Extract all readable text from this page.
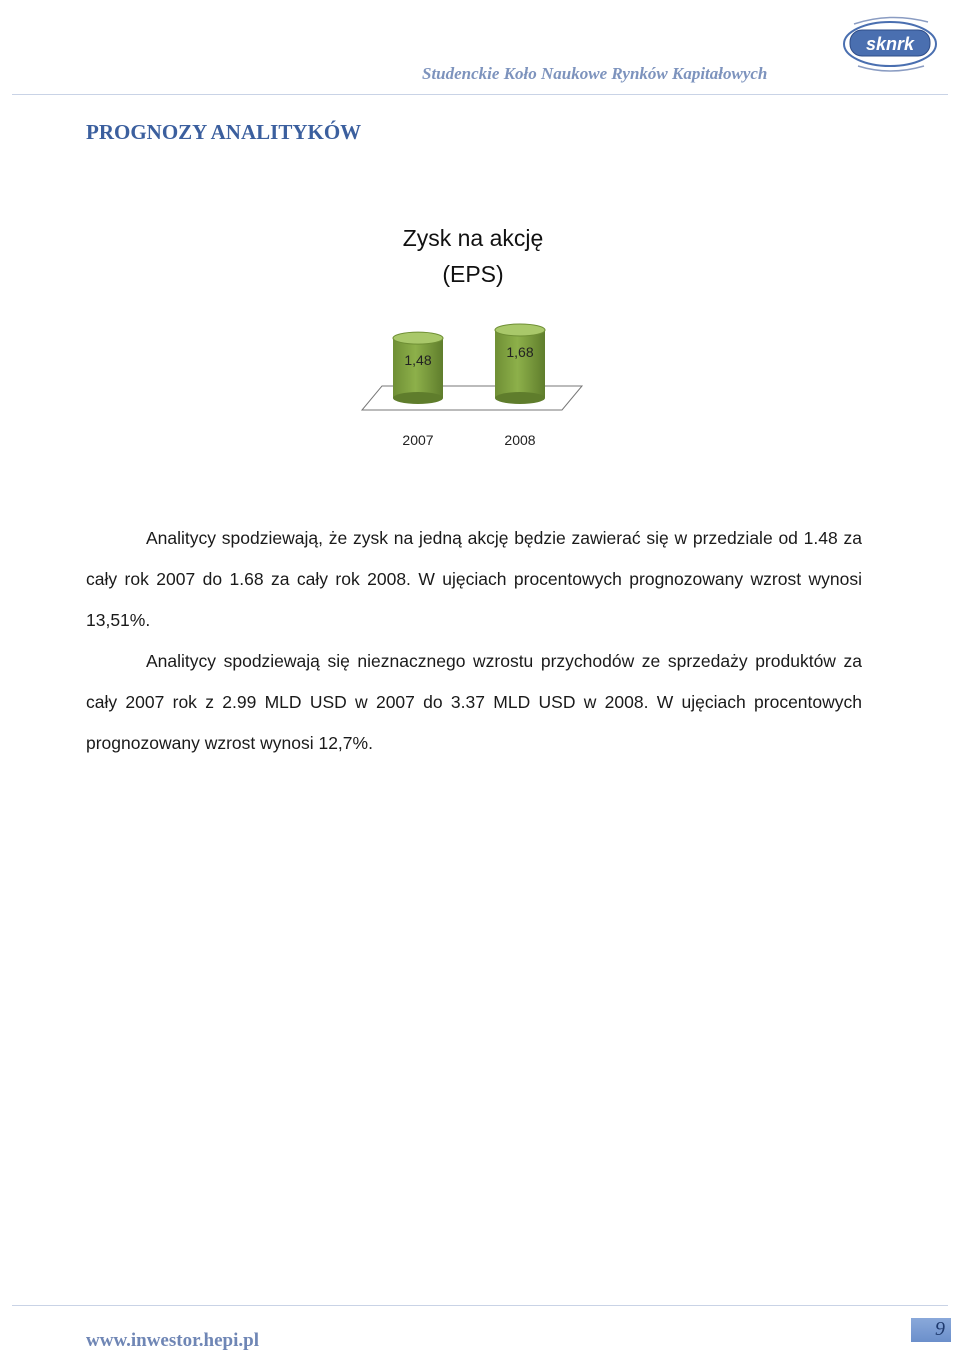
Studenckie Koło Naukowe Rynków Kapitałowych
sknrk
PROGNOZY ANALITYKÓW
Zysk na akcję
(EPS)
1,48
2007
1,68
2008
Analitycy spodziewają, że zysk na jedną akcję będzie zawierać się w przedziale od 1.48 za cały rok 2007 do 1.68 za cały rok 2008. W ujęciach procentowych prognozowany wzrost wynosi 13,51%.
Analitycy spodziewają się nieznacznego wzrostu przychodów ze sprzedaży produktów za cały 2007 rok z 2.99 MLD USD w 2007 do 3.37 MLD USD w 2008. W ujęciach procentowych prognozowany wzrost wynosi 12,7%.
www.inwestor.hepi.pl
9
